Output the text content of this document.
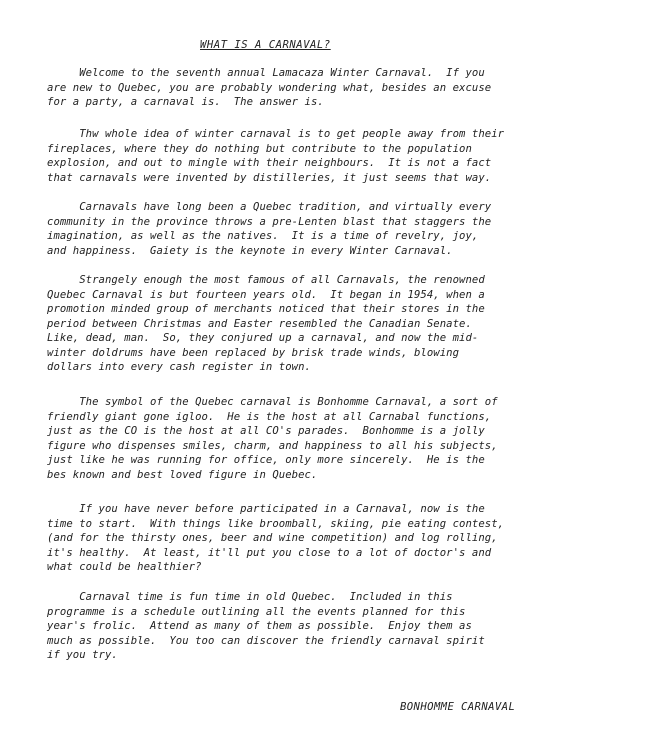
WHAT IS A CARNAVAL?
Welcome to the seventh annual Lamacaza Winter Carnaval.  If you
are new to Quebec, you are probably wondering what, besides an excuse
for a party, a carnaval is.  The answer is.
Thw whole idea of winter carnaval is to get people away from their
fireplaces, where they do nothing but contribute to the population
explosion, and out to mingle with their neighbours.  It is not a fact
that carnavals were invented by distilleries, it just seems that way.
Carnavals have long been a Quebec tradition, and virtually every
community in the province throws a pre-Lenten blast that staggers the
imagination, as well as the natives.  It is a time of revelry, joy,
and happiness.  Gaiety is the keynote in every Winter Carnaval.
Strangely enough the most famous of all Carnavals, the renowned
Quebec Carnaval is but fourteen years old.  It began in 1954, when a
promotion minded group of merchants noticed that their stores in the
period between Christmas and Easter resembled the Canadian Senate.
Like, dead, man.  So, they conjured up a carnaval, and now the mid-
winter doldrums have been replaced by brisk trade winds, blowing
dollars into every cash register in town.
The symbol of the Quebec carnaval is Bonhomme Carnaval, a sort of
friendly giant gone igloo.  He is the host at all Carnabal functions,
just as the CO is the host at all CO's parades.  Bonhomme is a jolly
figure who dispenses smiles, charm, and happiness to all his subjects,
just like he was running for office, only more sincerely.  He is the
bes known and best loved figure in Quebec.
If you have never before participated in a Carnaval, now is the
time to start.  With things like broomball, skiing, pie eating contest,
(and for the thirsty ones, beer and wine competition) and log rolling,
it's healthy.  At least, it'll put you close to a lot of doctor's and
what could be healthier?
Carnaval time is fun time in old Quebec.  Included in this
programme is a schedule outlining all the events planned for this
year's frolic.  Attend as many of them as possible.  Enjoy them as
much as possible.  You too can discover the friendly carnaval spirit
if you try.

BONHOMME CARNAVAL
